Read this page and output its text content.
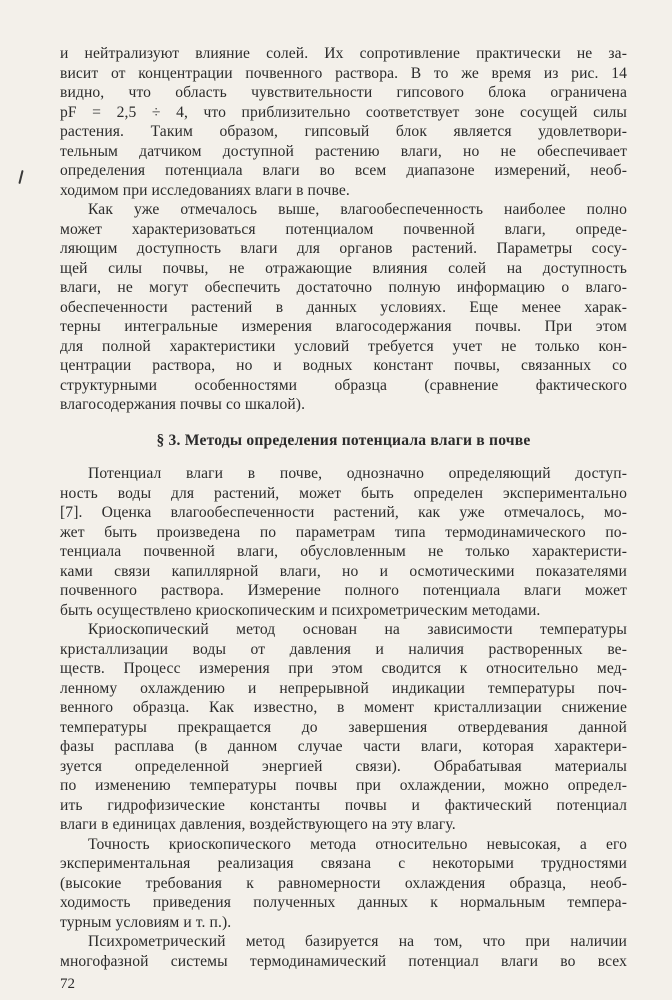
и нейтрализуют влияние солей. Их сопротивление практически не за-
висит от концентрации почвенного раствора. В то же время из рис. 14
видно, что область чувствительности гипсового блока ограничена
pF = 2,5 ÷ 4, что приблизительно соответствует зоне сосущей силы
растения. Таким образом, гипсовый блок является удовлетвори-
тельным датчиком доступной растению влаги, но не обеспечивает
определения потенциала влаги во всем диапазоне измерений, необ-
ходимом при исследованиях влаги в почве.
Как уже отмечалось выше, влагообеспеченность наиболее полно
может характеризоваться потенциалом почвенной влаги, опреде-
ляющим доступность влаги для органов растений. Параметры сосу-
щей силы почвы, не отражающие влияния солей на доступность
влаги, не могут обеспечить достаточно полную информацию о влаго-
обеспеченности растений в данных условиях. Еще менее харак-
терны интегральные измерения влагосодержания почвы. При этом
для полной характеристики условий требуется учет не только кон-
центрации раствора, но и водных констант почвы, связанных со
структурными особенностями образца (сравнение фактического
влагосодержания почвы со шкалой).
§ 3. Методы определения потенциала влаги в почве
Потенциал влаги в почве, однозначно определяющий доступ-
ность воды для растений, может быть определен экспериментально
[7]. Оценка влагообеспеченности растений, как уже отмечалось, мо-
жет быть произведена по параметрам типа термодинамического по-
тенциала почвенной влаги, обусловленным не только характеристи-
ками связи капиллярной влаги, но и осмотическими показателями
почвенного раствора. Измерение полного потенциала влаги может
быть осуществлено криоскопическим и психрометрическим методами.
Криоскопический метод основан на зависимости температуры
кристаллизации воды от давления и наличия растворенных ве-
ществ. Процесс измерения при этом сводится к относительно мед-
ленному охлаждению и непрерывной индикации температуры поч-
венного образца. Как известно, в момент кристаллизации снижение
температуры прекращается до завершения отвердевания данной
фазы расплава (в данном случае части влаги, которая характери-
зуется определенной энергией связи). Обрабатывая материалы
по изменению температуры почвы при охлаждении, можно определ-
ить гидрофизические константы почвы и фактический потенциал
влаги в единицах давления, воздействующего на эту влагу.
Точность криоскопического метода относительно невысокая, а его
экспериментальная реализация связана с некоторыми трудностями
(высокие требования к равномерности охлаждения образца, необ-
ходимость приведения полученных данных к нормальным темпера-
турным условиям и т. п.).
72
Психрометрический метод базируется на том, что при наличии
многофазной системы термодинамический потенциал влаги во всех
